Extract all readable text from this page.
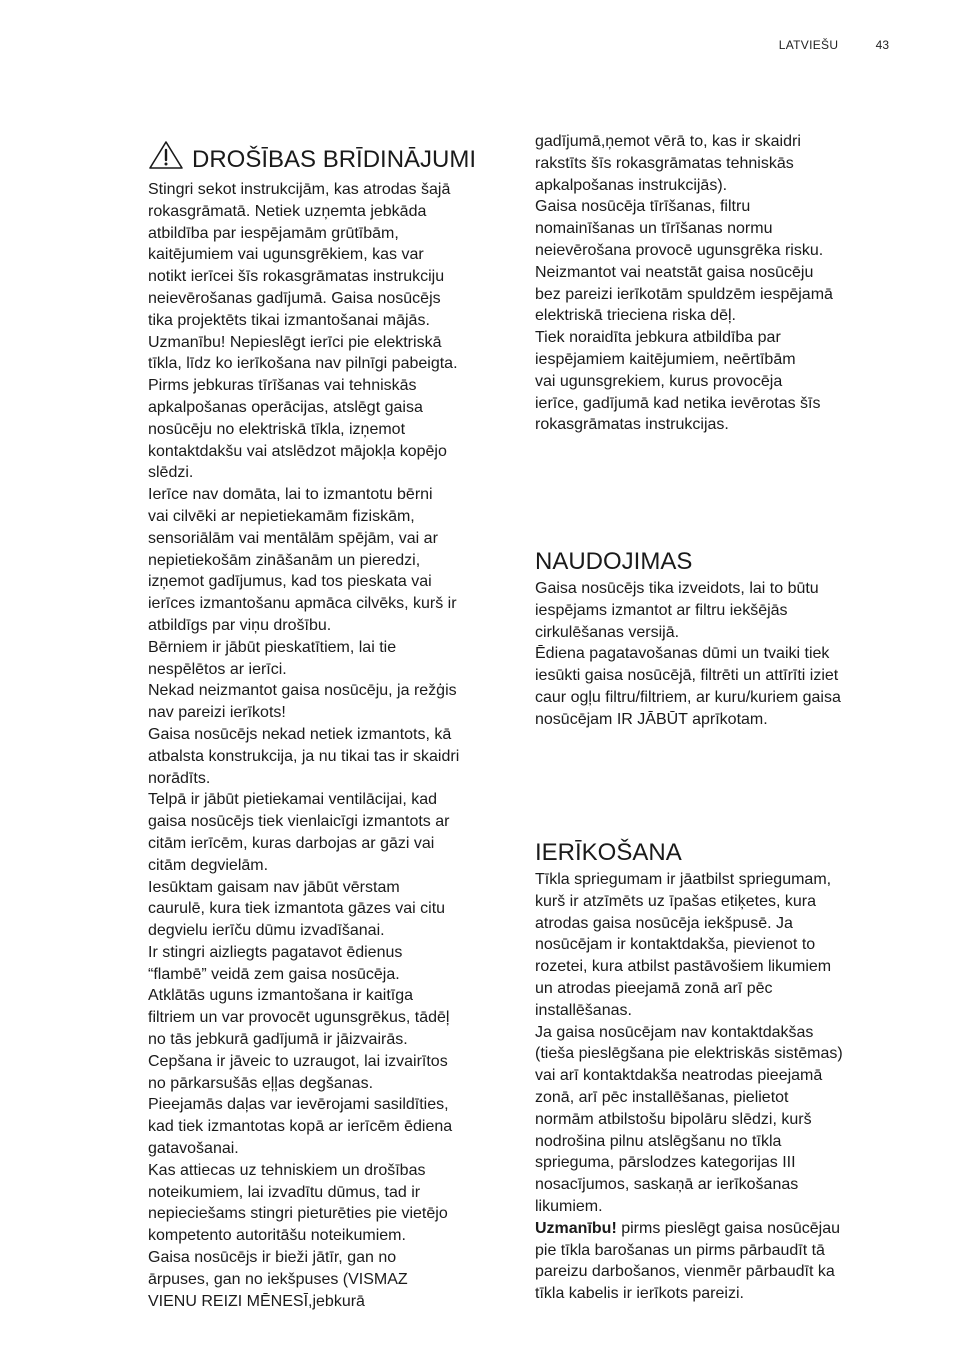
LATVIEŠU	43
DROŠĪBAS BRĪDINĀJUMI

Stingri sekot instrukcijām, kas atrodas šajā
rokasgrāmatā. Netiek uzņemta jebkāda
atbildība par iespējamām grūtībām,
kaitējumiem vai ugunsgrēkiem, kas var
notikt ierīcei šīs rokasgrāmatas instrukciju
neievērošanas gadījumā. Gaisa nosūcējs
tika projektēts tikai izmantošanai mājās.
Uzmanību! Nepieslēgt ierīci pie elektriskā
tīkla, līdz ko ierīkošana nav pilnīgi pabeigta.
Pirms jebkuras tīrīšanas vai tehniskās
apkalpošanas operācijas, atslēgt gaisa
nosūcēju no elektriskā tīkla, izņemot
kontaktdakšu vai atslēdzot mājokļa kopējo
slēdzi.
Ierīce nav domāta, lai to izmantotu bērni
vai cilvēki ar nepietiekamām fiziskām,
sensoriālām vai mentālām spējām, vai ar
nepietiekošām zināšanām un pieredzi,
izņemot gadījumus, kad tos pieskata vai
ierīces izmantošanu apmāca cilvēks, kurš ir
atbildīgs par viņu drošību.
Bērniem ir jābūt pieskatītiem, lai tie
nespēlētos ar ierīci.
Nekad neizmantot gaisa nosūcēju, ja režģis
nav pareizi ierīkots!
Gaisa nosūcējs nekad netiek izmantots, kā
atbalsta konstrukcija, ja nu tikai tas ir skaidri
norādīts.
Telpā ir jābūt pietiekamai ventilācijai, kad
gaisa nosūcējs tiek vienlaicīgi izmantots ar
citām ierīcēm, kuras darbojas ar gāzi vai
citām degvielām.
Iesūktam gaisam nav jābūt vērstam
caurulē, kura tiek izmantota gāzes vai citu
degvielu ierīču dūmu izvadīšanai.
Ir stingri aizliegts pagatavot ēdienus
“flambē” veidā zem gaisa nosūcēja.
Atklātās uguns izmantošana ir kaitīga
filtriem un var provocēt ugunsgrēkus, tādēļ
no tās jebkurā gadījumā ir jāizvairās.
Cepšana ir jāveic to uzraugot, lai izvairītos
no pārkarsušās eļļas degšanas.
Pieejamās daļas var ievērojami sasildīties,
kad tiek izmantotas kopā ar ierīcēm ēdiena
gatavošanai.
Kas attiecas uz tehniskiem un drošības
noteikumiem, lai izvadītu dūmus, tad ir
nepieciešams stingri pieturēties pie vietējo
kompetento autoritāšu noteikumiem.
Gaisa nosūcējs ir bieži jātīr, gan no
ārpuses, gan no iekšpuses (VISMAZ
VIENU REIZI MĒNESĪ,jebkurā

gadījumā,ņemot vērā to, kas ir skaidri
rakstīts šīs rokasgrāmatas tehniskās
apkalpošanas instrukcijās).
Gaisa nosūcēja tīrīšanas, filtru
nomainīšanas un tīrīšanas normu
neievērošana provocē ugunsgrēka risku.
Neizmantot vai neatstāt gaisa nosūcēju
bez pareizi ierīkotām spuldzēm iespējamā
elektriskā trieciena riska dēļ.
Tiek noraidīta jebkura atbildība par
iespējamiem kaitējumiem, neērtībām
vai ugunsgrekiem, kurus provocēja
ierīce, gadījumā kad netika ievērotas šīs
rokasgrāmatas instrukcijas.

NAUDOJIMAS

Gaisa nosūcējs tika izveidots, lai to būtu
iespējams izmantot ar filtru iekšējās
cirkulēšanas versijā.
Ēdiena pagatavošanas dūmi un tvaiki tiek
iesūkti gaisa nosūcējā, filtrēti un attīrīti iziet
caur ogļu filtru/filtriem, ar kuru/kuriem gaisa
nosūcējam IR JĀBŪT aprīkotam.

IERĪKOŠANA

Tīkla spriegumam ir jāatbilst spriegumam,
kurš ir atzīmēts uz īpašas etiķetes, kura
atrodas gaisa nosūcēja iekšpusē. Ja
nosūcējam ir kontaktdakša, pievienot to
rozetei, kura atbilst pastāvošiem likumiem
un atrodas pieejamā zonā arī pēc
installēšanas.
Ja gaisa nosūcējam nav kontaktdakšas
(tieša pieslēgšana pie elektriskās sistēmas)
vai arī kontaktdakša neatrodas pieejamā
zonā, arī pēc installēšanas, pielietot
normām atbilstošu bipolāru slēdzi, kurš
nodrošina pilnu atslēgšanu no tīkla
sprieguma, pārslodzes kategorijas III
nosacījumos, saskaņā ar ierīkošanas
likumiem.

Uzmanību! pirms pieslēgt gaisa nosūcējau
pie tīkla barošanas un pirms pārbaudīt tā
pareizu darbošanos, vienmēr pārbaudīt ka
tīkla kabelis ir ierīkots pareizi.
